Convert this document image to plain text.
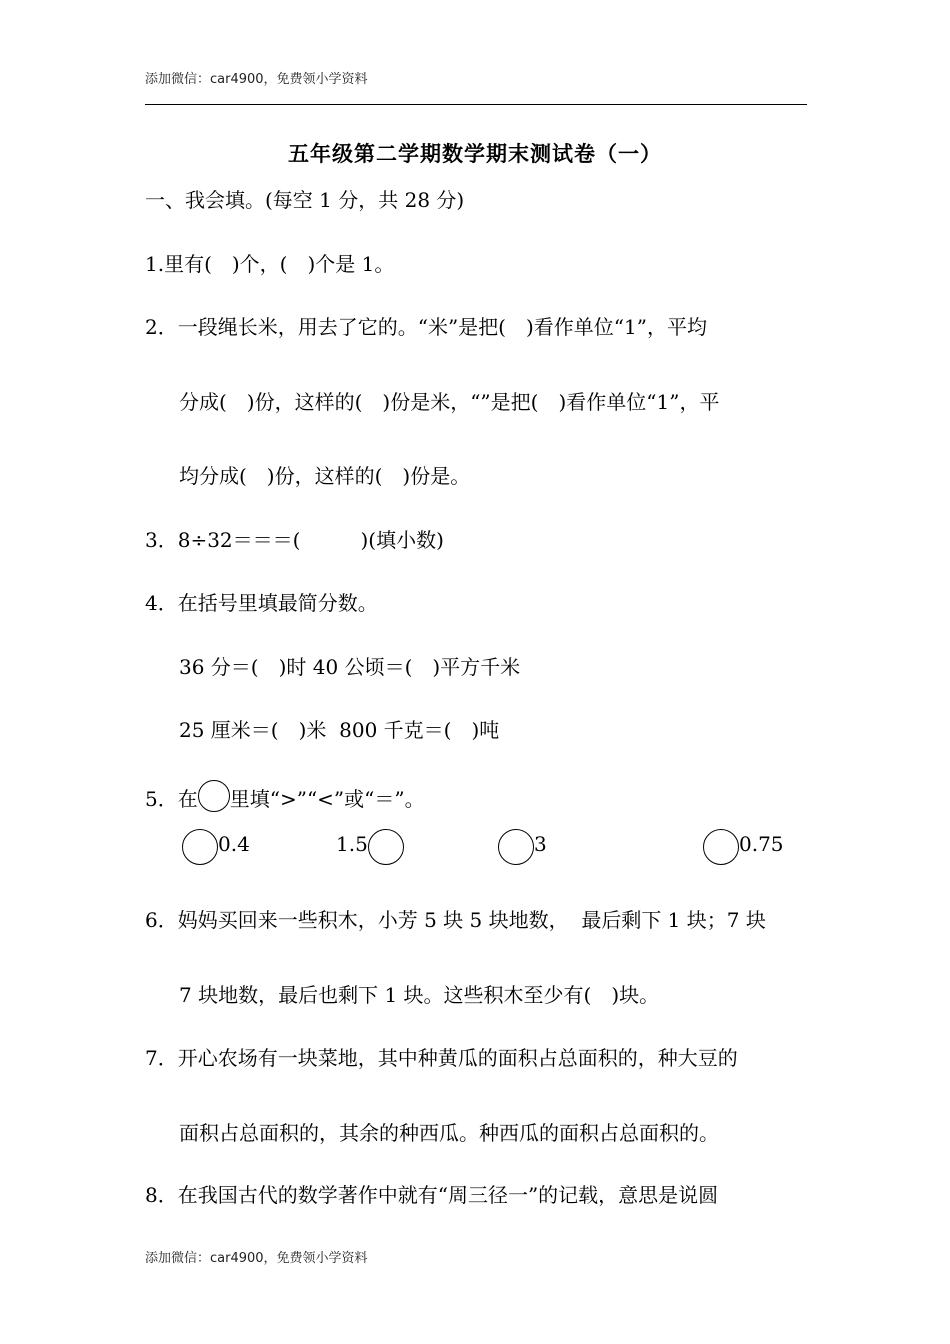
添加微信：car4900，免费领小学资料
五年级第二学期数学期末测试卷（一）
一、我会填。(每空 1 分，共 28 分)
1.里有(　)个，(　)个是 1。
2．一段绳长米，用去了它的。“米”是把(　)看作单位“1”，平均
分成(　)份，这样的(　)份是米，“”是把(　)看作单位“1”，平
均分成(　)份，这样的(　)份是。
3．8÷32＝＝＝(　　　)(填小数)
4．在括号里填最简分数。
36 分＝(　)时 40 公顷＝(　)平方千米
25 厘米＝(　)米  800 千克＝(　)吨
5．在 里填“>”“<”或“＝”。
0.4	1.5	3	0.75
6．妈妈买回来一些积木，小芳 5 块 5 块地数，  最后剩下 1 块；7 块
7 块地数，最后也剩下 1 块。这些积木至少有(　)块。
7．开心农场有一块菜地，其中种黄瓜的面积占总面积的，种大豆的
面积占总面积的，其余的种西瓜。种西瓜的面积占总面积的。
8．在我国古代的数学著作中就有“周三径一”的记载，意思是说圆
添加微信：car4900，免费领小学资料
